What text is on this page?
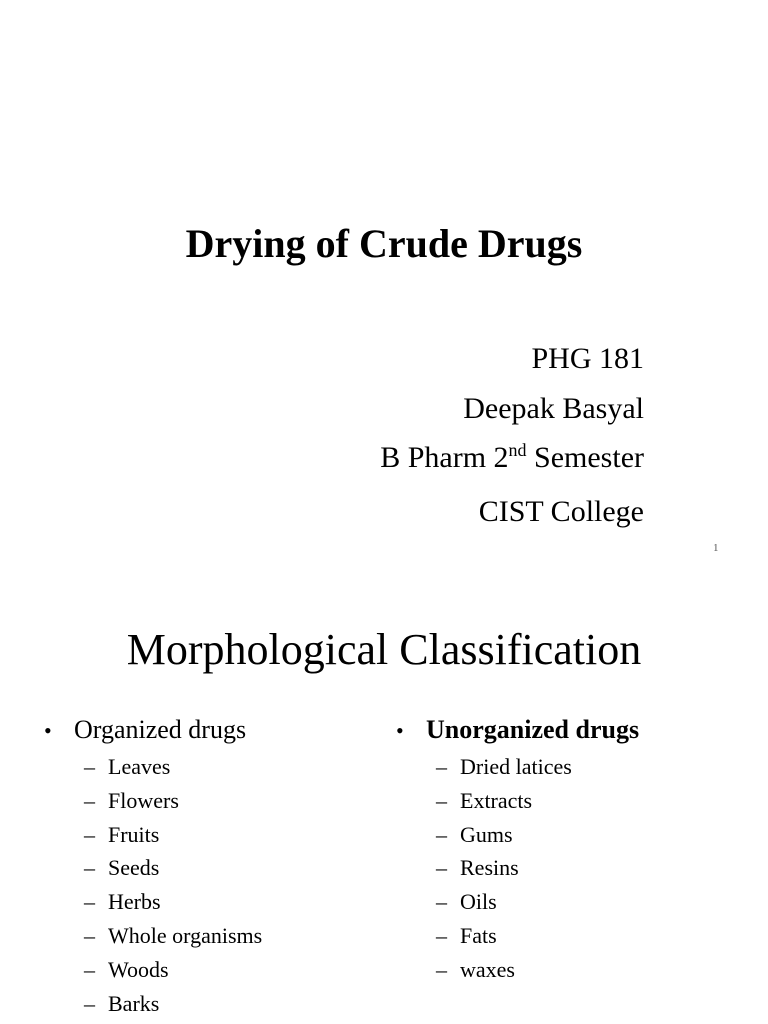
Drying of Crude Drugs
PHG 181
Deepak Basyal
B Pharm 2nd Semester
CIST College
1
Morphological Classification
• Organized drugs
– Leaves
– Flowers
– Fruits
– Seeds
– Herbs
– Whole organisms
– Woods
– Barks
• Unorganized drugs
– Dried latices
– Extracts
– Gums
– Resins
– Oils
– Fats
– waxes
